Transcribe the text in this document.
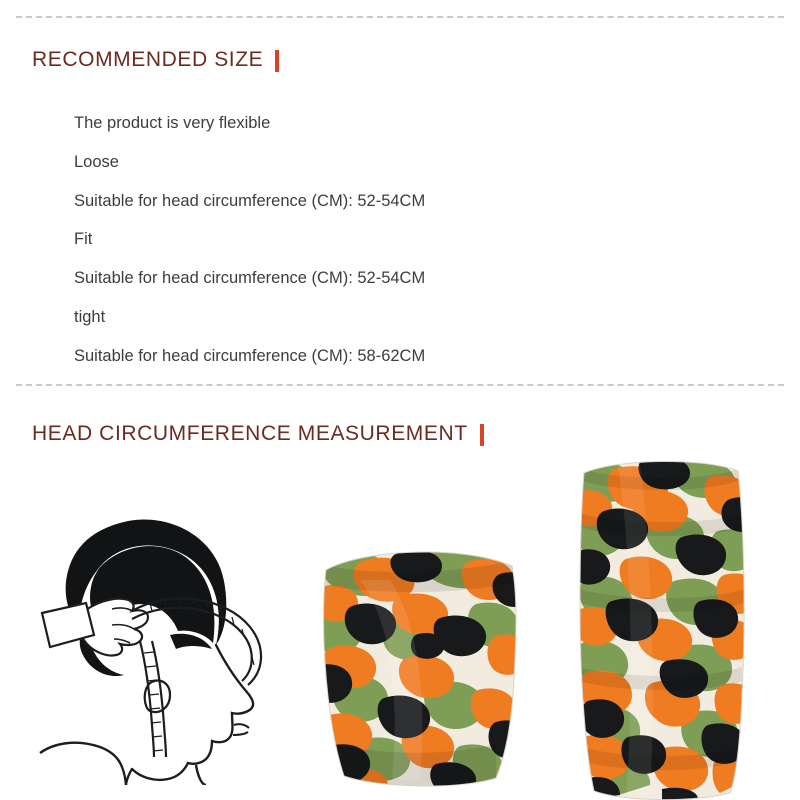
RECOMMENDED SIZE
The product is very flexible
Loose
Suitable for head circumference (CM): 52-54CM
Fit
Suitable for head circumference (CM): 52-54CM
tight
Suitable for head circumference (CM): 58-62CM
HEAD CIRCUMFERENCE MEASUREMENT
